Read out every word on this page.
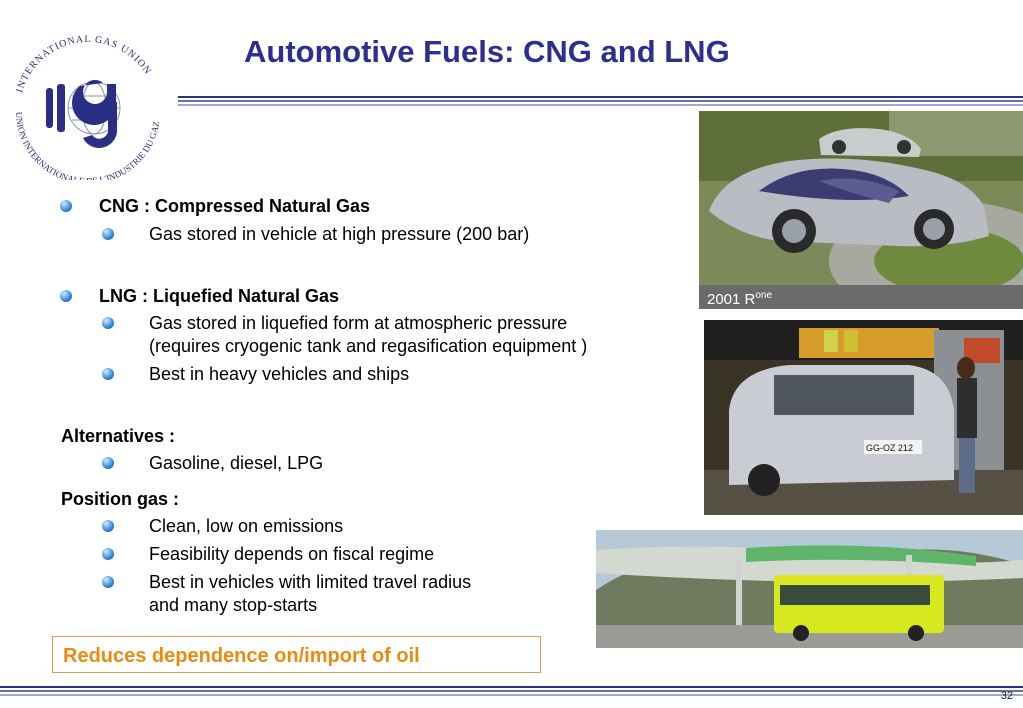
INTERNATIONAL GAS UNION
UNION INTERNATIONAL L'INDUSTRIE DU GAZ
Automotive Fuels: CNG and LNG
CNG : Compressed Natural Gas
Gas stored in vehicle at high pressure (200 bar)
LNG : Liquefied Natural Gas
Gas stored in liquefied form at atmospheric pressure
(requires cryogenic tank and regasification equipment )
Best in heavy vehicles and ships
Alternatives :
Gasoline, diesel, LPG
Position gas :
Clean, low on emissions
Feasibility depends on fiscal regime
Best in vehicles with limited travel radius
and many stop-starts
2001 $R^{one}$
GG-OZ 212
Reduces dependence on/import of oil
32
